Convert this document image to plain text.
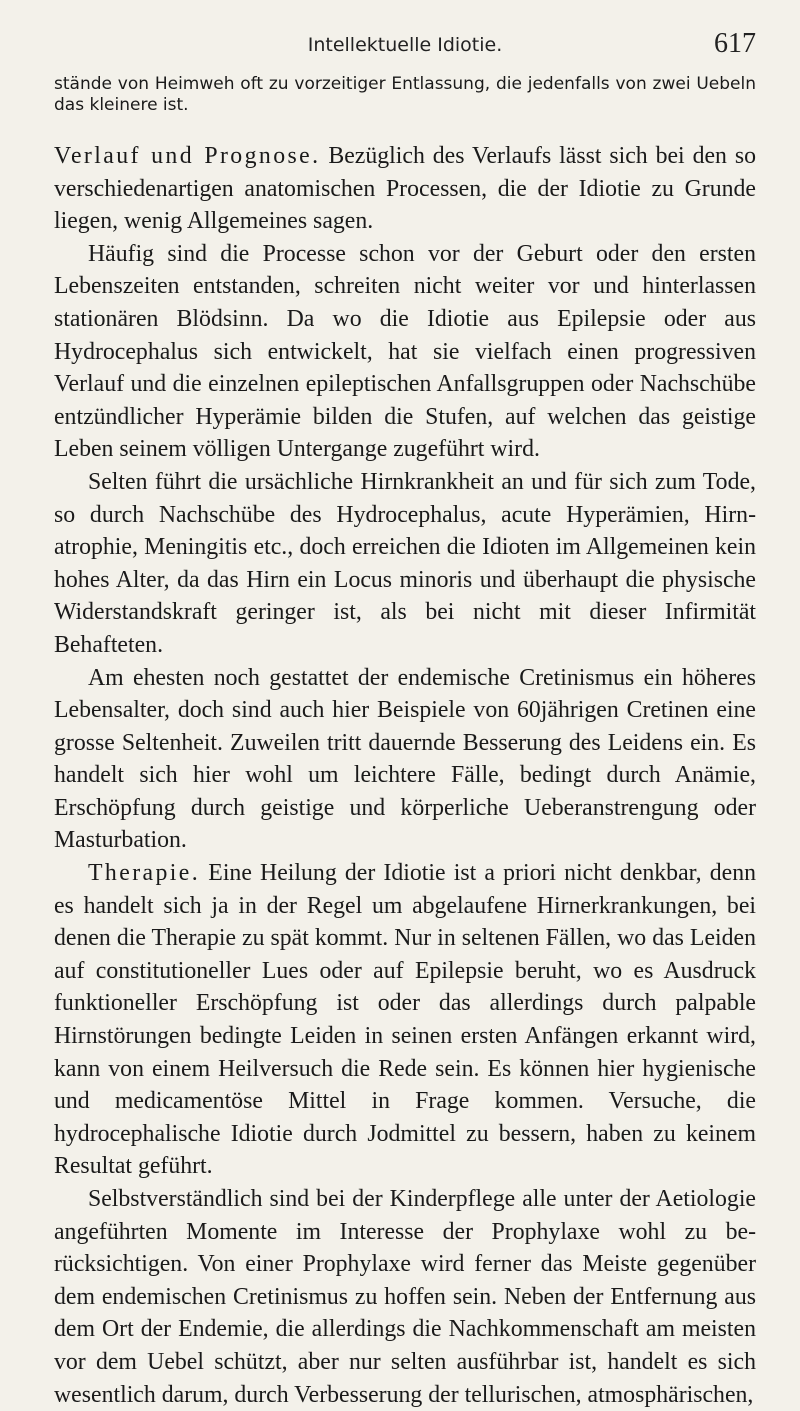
Intellektuelle Idiotie.	617

stände von Heimweh oft zu vorzeitiger Entlassung, die jedenfalls von zwei Uebeln das kleinere ist.

Verlauf und Prognose. Bezüglich des Verlaufs lässt sich bei den so verschiedenartigen anatomischen Processen, die der Idiotie zu Grunde liegen, wenig Allgemeines sagen.

Häufig sind die Processe schon vor der Geburt oder den ersten Lebenszeiten entstanden, schreiten nicht weiter vor und hinterlassen stationären Blödsinn. Da wo die Idiotie aus Epilepsie oder aus Hydrocephalus sich entwickelt, hat sie vielfach einen progressiven Verlauf und die einzelnen epileptischen Anfallsgruppen oder Nachschübe entzündlicher Hyperämie bilden die Stufen, auf welchen das geistige Leben seinem völligen Untergange zugeführt wird.

Selten führt die ursächliche Hirnkrankheit an und für sich zum Tode, so durch Nachschübe des Hydrocephalus, acute Hyperämien, Hirnatrophie, Meningitis etc., doch erreichen die Idioten im Allgemeinen kein hohes Alter, da das Hirn ein Locus minoris und überhaupt die physische Widerstandskraft geringer ist, als bei nicht mit dieser Infirmität Behafteten.

Am ehesten noch gestattet der endemische Cretinismus ein höheres Lebensalter, doch sind auch hier Beispiele von 60jährigen Cretinen eine grosse Seltenheit. Zuweilen tritt dauernde Besserung des Leidens ein. Es handelt sich hier wohl um leichtere Fälle, bedingt durch Anämie, Erschöpfung durch geistige und körperliche Ueberanstrengung oder Masturbation.

Therapie. Eine Heilung der Idiotie ist a priori nicht denkbar, denn es handelt sich ja in der Regel um abgelaufene Hirnerkrankungen, bei denen die Therapie zu spät kommt. Nur in seltenen Fällen, wo das Leiden auf constitutioneller Lues oder auf Epilepsie beruht, wo es Ausdruck funktioneller Erschöpfung ist oder das allerdings durch palpable Hirnstörungen bedingte Leiden in seinen ersten Anfängen erkannt wird, kann von einem Heilversuch die Rede sein. Es können hier hygienische und medicamentöse Mittel in Frage kommen. Versuche, die hydrocephalische Idiotie durch Jodmittel zu bessern, haben zu keinem Resultat geführt.

Selbstverständlich sind bei der Kinderpflege alle unter der Aetiologie angeführten Momente im Interesse der Prophylaxe wohl zu berücksichtigen. Von einer Prophylaxe wird ferner das Meiste gegenüber dem endemischen Cretinismus zu hoffen sein. Neben der Entfernung aus dem Ort der Endemie, die allerdings die Nachkommenschaft am meisten vor dem Uebel schützt, aber nur selten ausführbar ist, handelt es sich wesentlich darum, durch Verbesserung der tellurischen, atmosphärischen,
